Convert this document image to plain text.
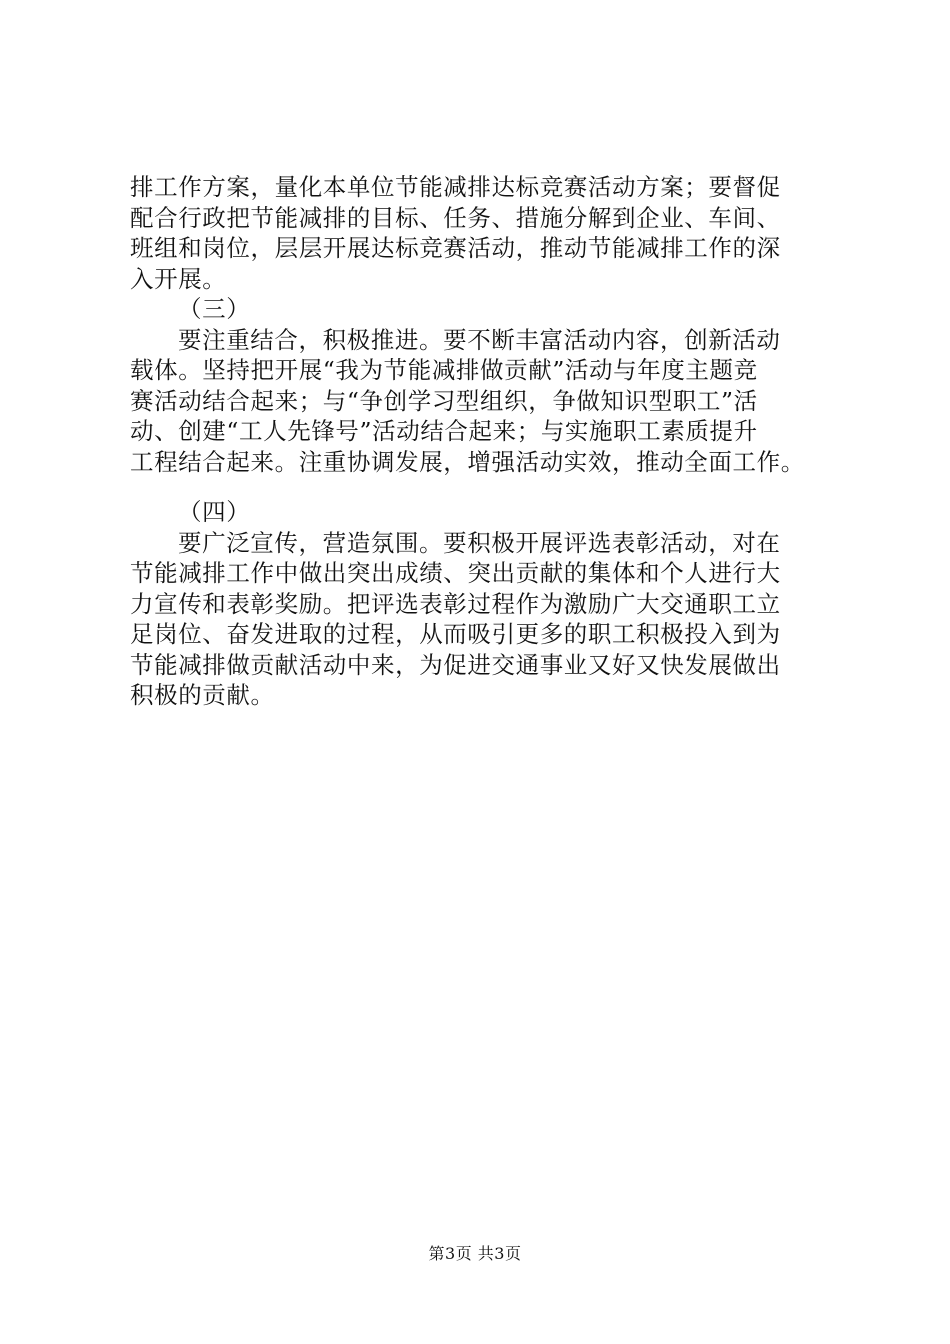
排工作方案，量化本单位节能减排达标竞赛活动方案；要督促
配合行政把节能减排的目标、任务、措施分解到企业、车间、
班组和岗位，层层开展达标竞赛活动，推动节能减排工作的深
入开展。
（三）
要注重结合，积极推进。要不断丰富活动内容，创新活动
载体。坚持把开展“我为节能减排做贡献”活动与年度主题竞
赛活动结合起来；与“争创学习型组织，争做知识型职工”活
动、创建“工人先锋号”活动结合起来；与实施职工素质提升
工程结合起来。注重协调发展，增强活动实效，推动全面工作。
（四）
要广泛宣传，营造氛围。要积极开展评选表彰活动，对在
节能减排工作中做出突出成绩、突出贡献的集体和个人进行大
力宣传和表彰奖励。把评选表彰过程作为激励广大交通职工立
足岗位、奋发进取的过程，从而吸引更多的职工积极投入到为
节能减排做贡献活动中来，为促进交通事业又好又快发展做出
积极的贡献。
第3页 共3页
